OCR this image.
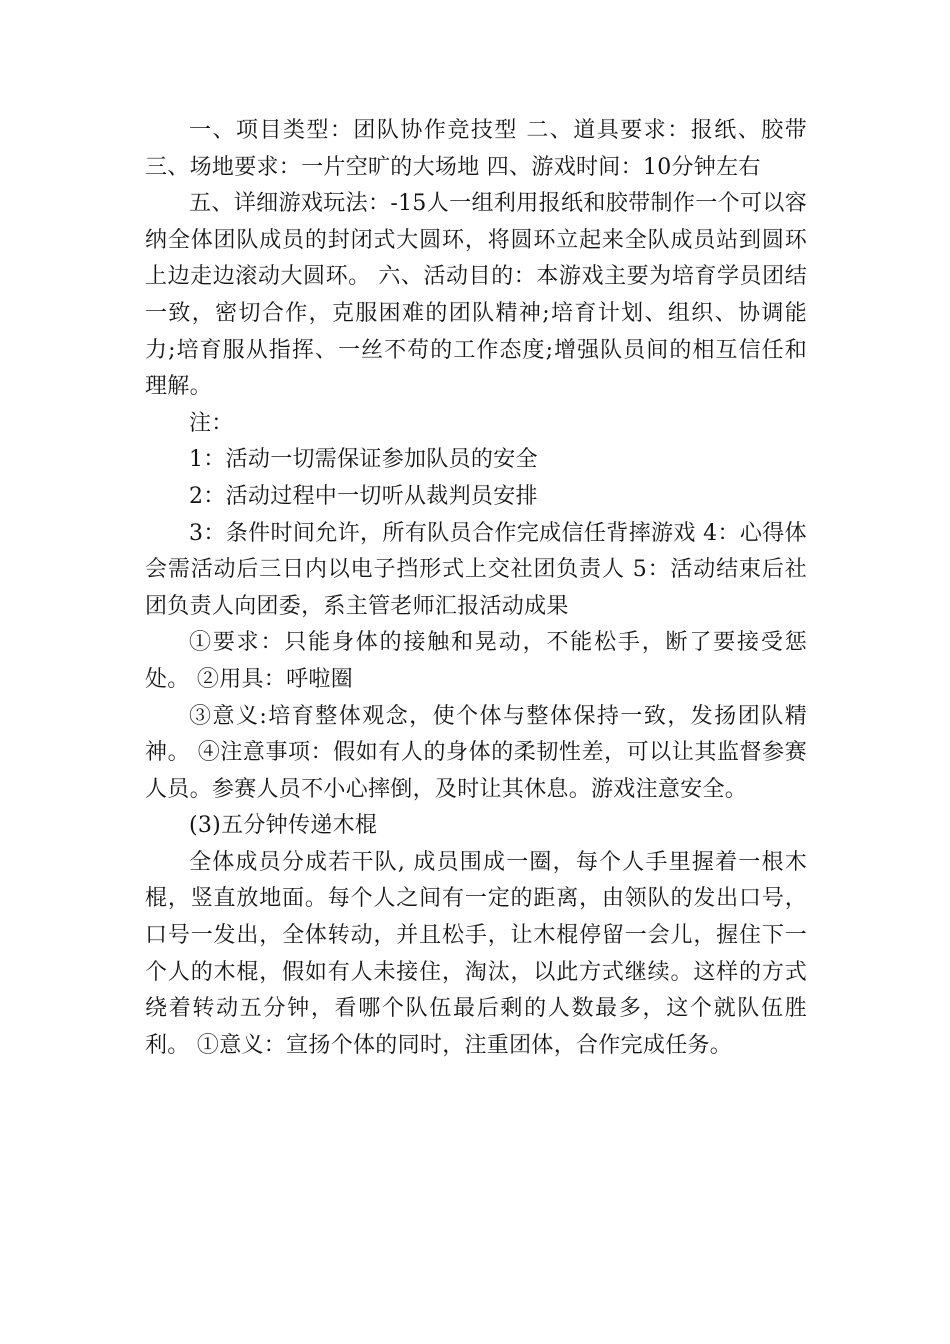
一、项目类型：团队协作竞技型 二、道具要求：报纸、胶带 三、场地要求：一片空旷的大场地 四、游戏时间：10分钟左右

五、详细游戏玩法：-15人一组利用报纸和胶带制作一个可以容纳全体团队成员的封闭式大圆环，将圆环立起来全队成员站到圆环上边走边滚动大圆环。 六、活动目的：本游戏主要为培育学员团结一致，密切合作，克服困难的团队精神;培育计划、组织、协调能力;培育服从指挥、一丝不苟的工作态度;增强队员间的相互信任和理解。

注：

1：活动一切需保证参加队员的安全

2：活动过程中一切听从裁判员安排

3：条件时间允许，所有队员合作完成信任背摔游戏 4：心得体会需活动后三日内以电子挡形式上交社团负责人 5：活动结束后社团负责人向团委，系主管老师汇报活动成果

①要求：只能身体的接触和晃动，不能松手，断了要接受惩处。 ②用具：呼啦圈

③意义:培育整体观念，使个体与整体保持一致，发扬团队精神。 ④注意事项：假如有人的身体的柔韧性差，可以让其监督参赛人员。参赛人员不小心摔倒，及时让其休息。游戏注意安全。

(3)五分钟传递木棍

全体成员分成若干队, 成员围成一圈，每个人手里握着一根木棍，竖直放地面。每个人之间有一定的距离，由领队的发出口号，口号一发出，全体转动，并且松手，让木棍停留一会儿，握住下一个人的木棍，假如有人未接住，淘汰，以此方式继续。这样的方式绕着转动五分钟，看哪个队伍最后剩的人数最多，这个就队伍胜利。 ①意义：宣扬个体的同时，注重团体，合作完成任务。
